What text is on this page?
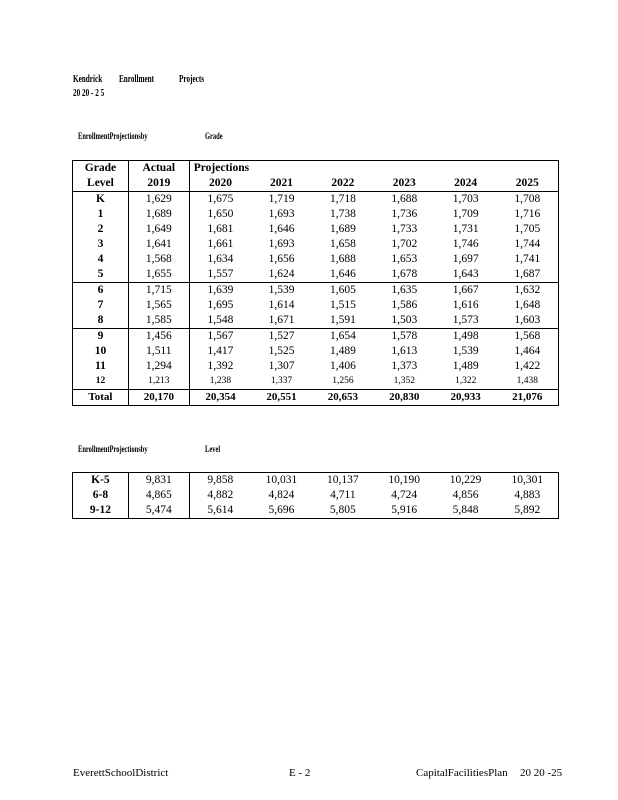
Kendrick Enrollment Projects
20 20 - 2 5
EnrollmentProjectionsby	Grade
Grade	Actual	Projections					
Level	2019	2020	2021	2022	2023	2024	2025
K	1,629	1,675	1,719	1,718	1,688	1,703	1,708
1	1,689	1,650	1,693	1,738	1,736	1,709	1,716
2	1,649	1,681	1,646	1,689	1,733	1,731	1,705
3	1,641	1,661	1,693	1,658	1,702	1,746	1,744
4	1,568	1,634	1,656	1,688	1,653	1,697	1,741
5	1,655	1,557	1,624	1,646	1,678	1,643	1,687
6	1,715	1,639	1,539	1,605	1,635	1,667	1,632
7	1,565	1,695	1,614	1,515	1,586	1,616	1,648
8	1,585	1,548	1,671	1,591	1,503	1,573	1,603
9	1,456	1,567	1,527	1,654	1,578	1,498	1,568
10	1,511	1,417	1,525	1,489	1,613	1,539	1,464
11	1,294	1,392	1,307	1,406	1,373	1,489	1,422
12	1,213	1,238	1,337	1,256	1,352	1,322	1,438
Total	20,170	20,354	20,551	20,653	20,830	20,933	21,076
EnrollmentProjectionsby	Level
K-5	9,831	9,858	10,031	10,137	10,190	10,229	10,301
6-8	4,865	4,882	4,824	4,711	4,724	4,856	4,883
9-12	5,474	5,614	5,696	5,805	5,916	5,848	5,892
EverettSchoolDistrict	E - 2	CapitalFacilitiesPlan 20 20 -25
